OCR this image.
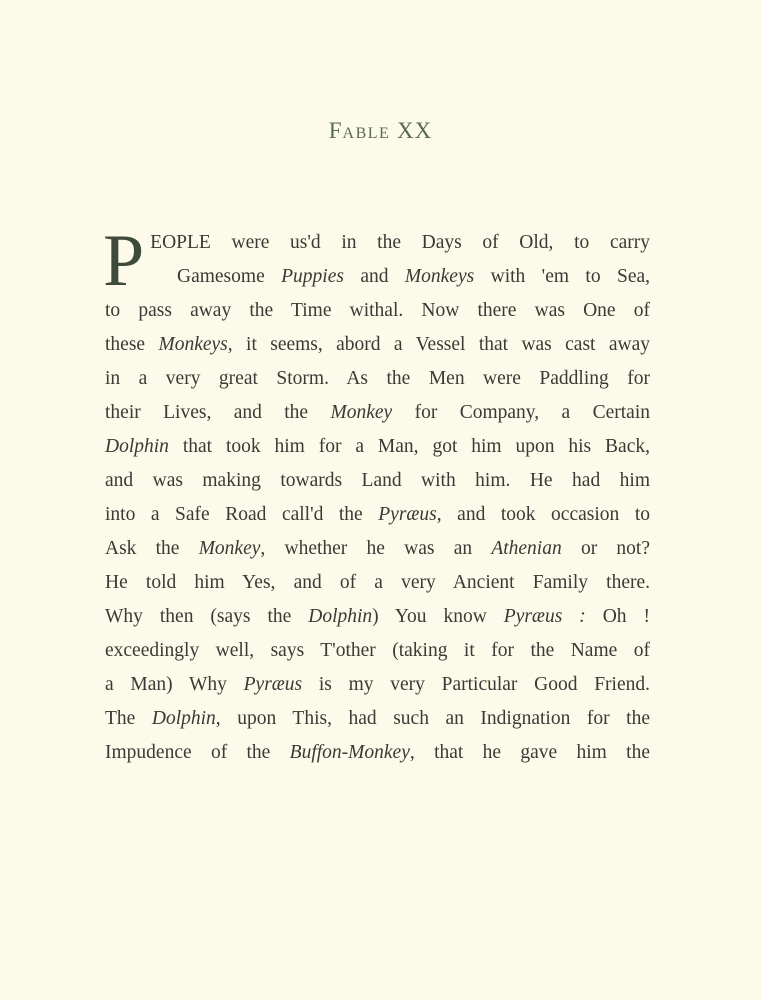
FABLE XX
P EOPLE were us'd in the Days of Old, to carry
Gamesome Puppies and Monkeys with 'em to Sea,
to pass away the Time withal. Now there was One of
these Monkeys, it seems, abord a Vessel that was cast away
in a very great Storm. As the Men were Paddling for
their Lives, and the Monkey for Company, a Certain
Dolphin that took him for a Man, got him upon his Back,
and was making towards Land with him. He had him
into a Safe Road call'd the Pyræus, and took occasion to
Ask the Monkey, whether he was an Athenian or not?
He told him Yes, and of a very Ancient Family there.
Why then (says the Dolphin) You know Pyræus : Oh !
exceedingly well, says T'other (taking it for the Name of
a Man) Why Pyræus is my very Particular Good Friend.
The Dolphin, upon This, had such an Indignation for the
Impudence of the Buffon-Monkey, that he gave him the
